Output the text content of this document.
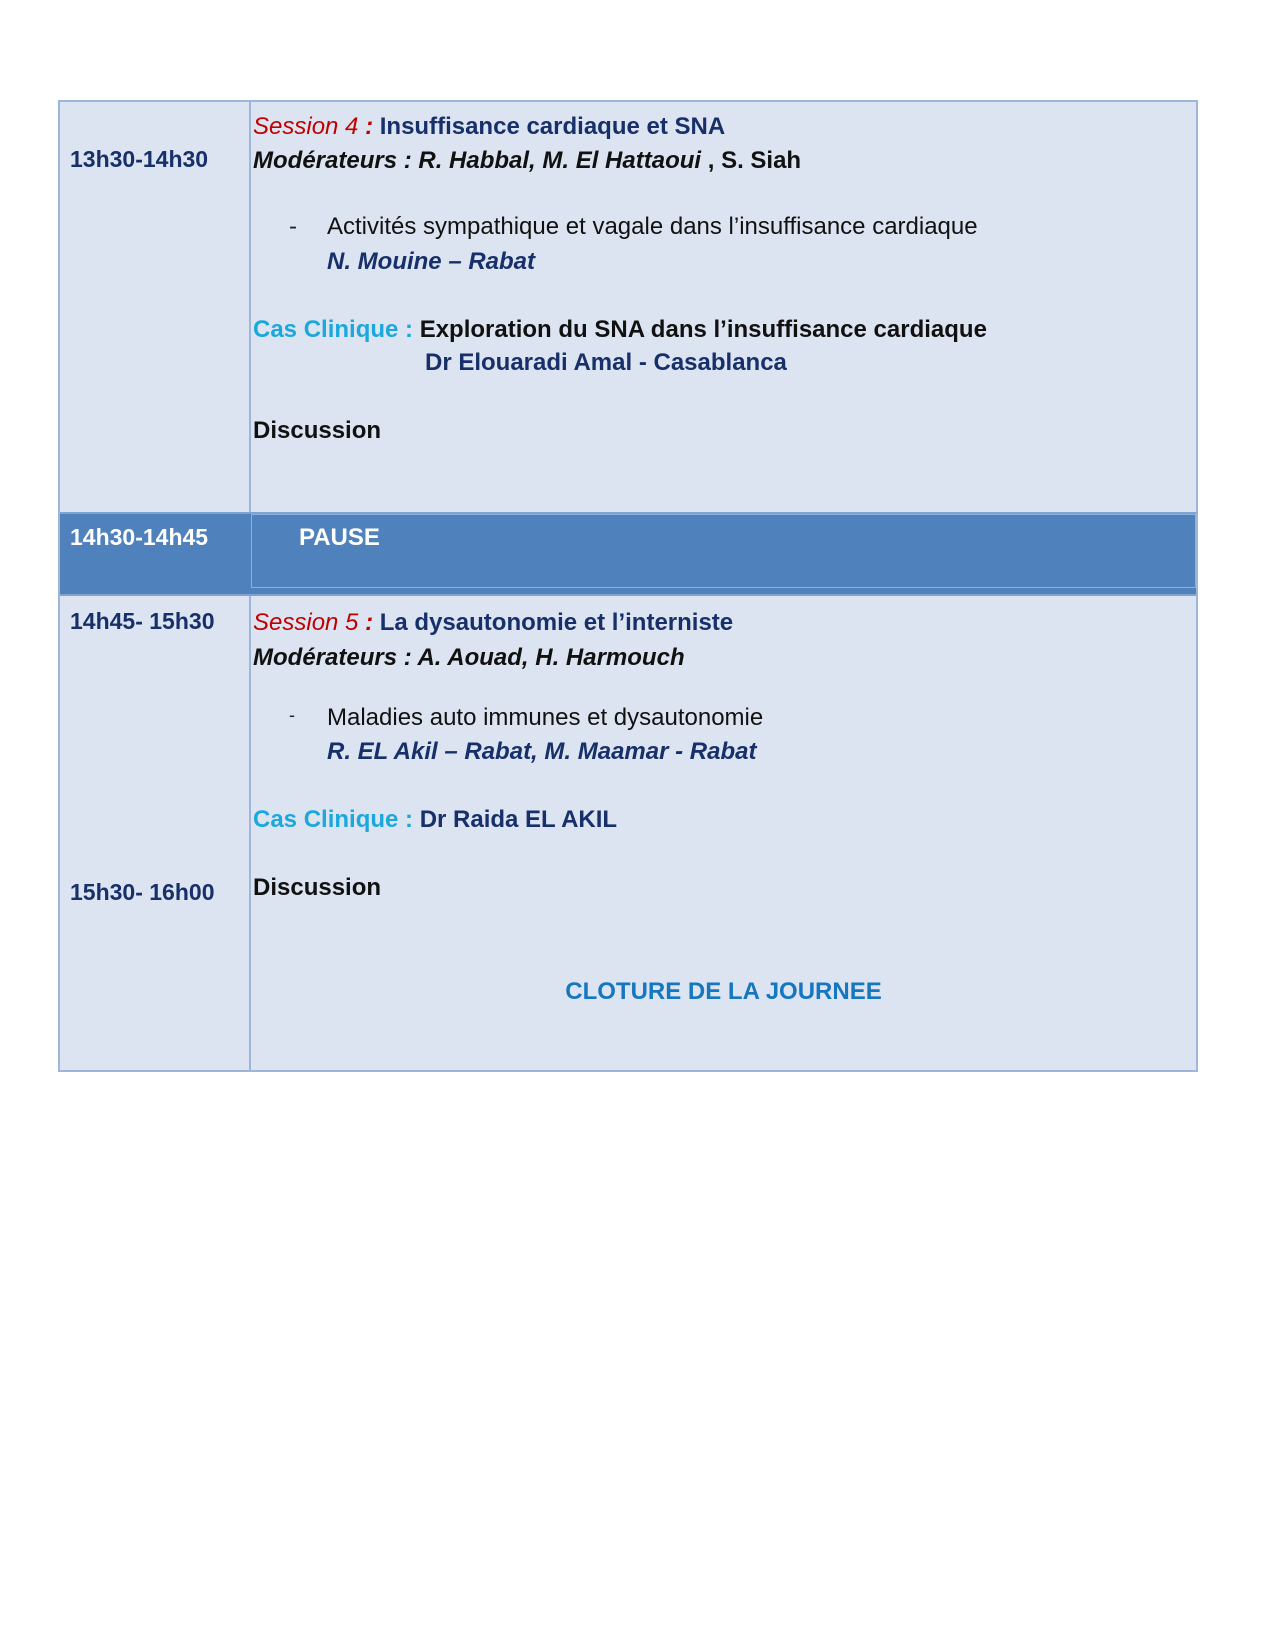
13h30-14h30
Session 4 : Insuffisance cardiaque et SNA
Modérateurs : R. Habbal, M. El Hattaoui , S. Siah
- Activités sympathique et vagale dans l’insuffisance cardiaque
N. Mouine – Rabat
Cas Clinique : Exploration du SNA dans l’insuffisance cardiaque
Dr Elouaradi Amal - Casablanca
Discussion
14h30-14h45	PAUSE
14h45- 15h30
15h30- 16h00
Session 5 : La dysautonomie et l’interniste
Modérateurs : A. Aouad, H. Harmouch
- Maladies auto immunes et dysautonomie
R. EL Akil – Rabat, M. Maamar - Rabat
Cas Clinique : Dr Raida EL AKIL
Discussion
CLOTURE DE LA JOURNEE
